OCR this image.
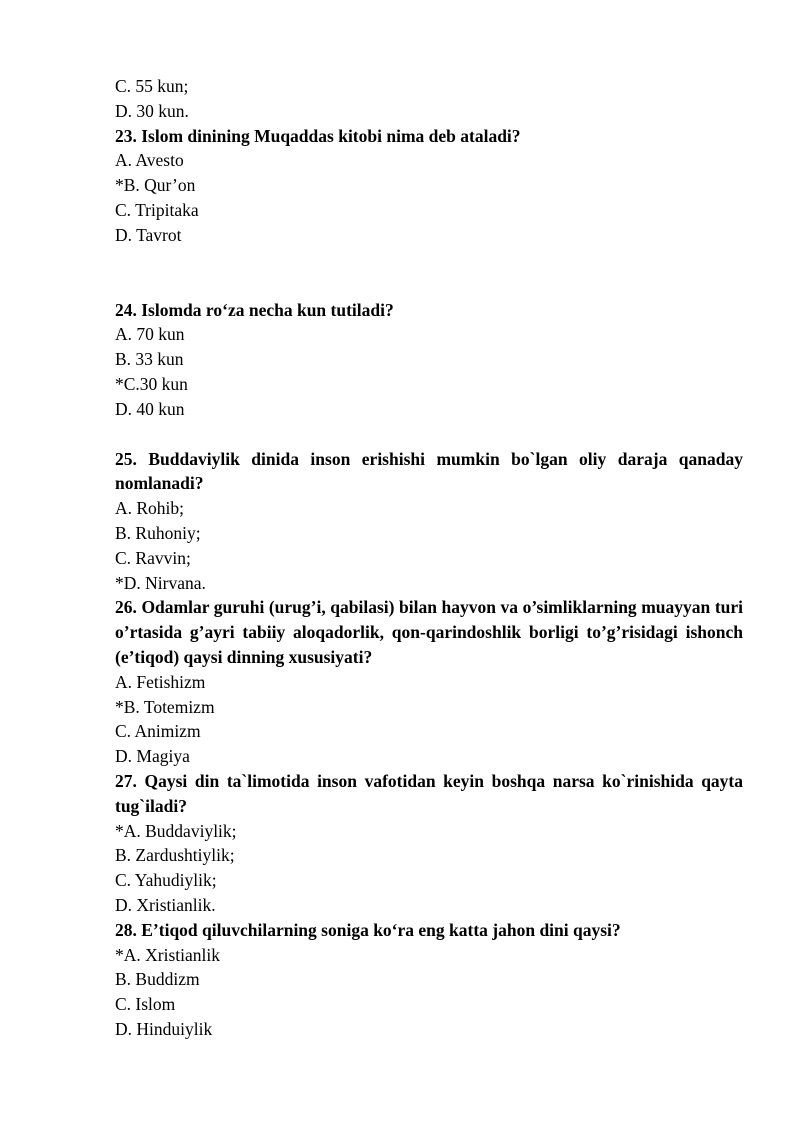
C. 55 kun;
D. 30 kun.
23. Islom dinining Muqaddas kitobi nima deb ataladi?
A. Avesto
*B. Qur’on
C. Tripitaka
D. Tavrot
24. Islomda ro‘za necha kun tutiladi?
A. 70 kun
B. 33 kun
*C.30 kun
D. 40 kun
25. Buddaviylik dinida inson erishishi mumkin bo`lgan oliy daraja qanaday nomlanadi?
A. Rohib;
B. Ruhoniy;
C. Ravvin;
*D. Nirvana.
26. Odamlar guruhi (urug’i, qabilasi) bilan hayvon va o’simliklarning muayyan turi o’rtasida g’ayri tabiiy aloqadorlik, qon-qarindoshlik borligi to’g’risidagi ishonch (e’tiqod) qaysi dinning xususiyati?
A. Fetishizm
*B. Totemizm
C. Animizm
D. Magiya
27. Qaysi din ta`limotida inson vafotidan keyin boshqa narsa ko`rinishida qayta tug`iladi?
*A. Buddaviylik;
B. Zardushtiylik;
C. Yahudiylik;
D. Xristianlik.
28. E’tiqod qiluvchilarning soniga ko‘ra eng katta jahon dini qaysi?
*A. Xristianlik
B. Buddizm
C. Islom
D. Hinduiylik
